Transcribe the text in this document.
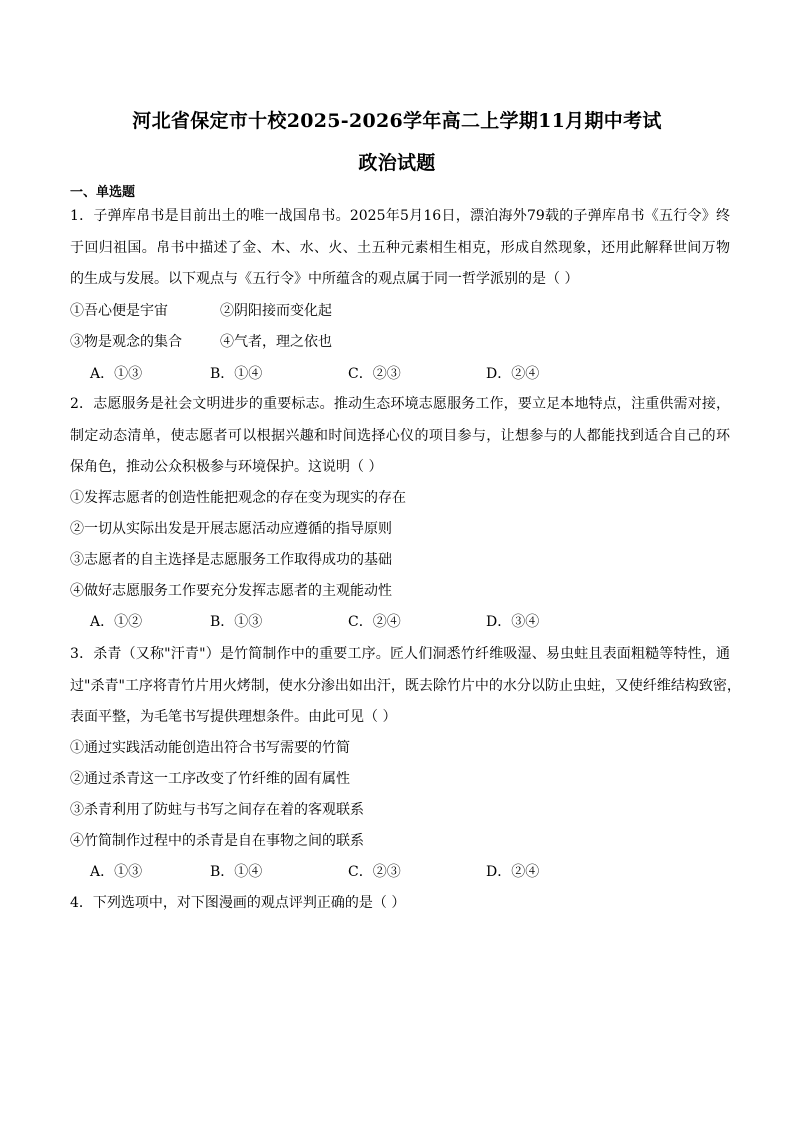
河北省保定市十校2025-2026学年高二上学期11月期中考试
政治试题
一、单选题
1．子弹库帛书是目前出土的唯一战国帛书。2025年5月16日，漂泊海外79载的子弹库帛书《五行令》终
于回归祖国。帛书中描述了金、木、水、火、土五种元素相生相克，形成自然现象，还用此解释世间万物
的生成与发展。以下观点与《五行令》中所蕴含的观点属于同一哲学派别的是（ ）
①吾心便是宇宙	②阴阳接而变化起
③物是观念的集合	④气者，理之依也
A．①③	B．①④	C．②③	D．②④
2．志愿服务是社会文明进步的重要标志。推动生态环境志愿服务工作，要立足本地特点，注重供需对接，
制定动态清单，使志愿者可以根据兴趣和时间选择心仪的项目参与，让想参与的人都能找到适合自己的环
保角色，推动公众积极参与环境保护。这说明（ ）
①发挥志愿者的创造性能把观念的存在变为现实的存在
②一切从实际出发是开展志愿活动应遵循的指导原则
③志愿者的自主选择是志愿服务工作取得成功的基础
④做好志愿服务工作要充分发挥志愿者的主观能动性
A．①②	B．①③	C．②④	D．③④
3．杀青（又称"汗青"）是竹简制作中的重要工序。匠人们洞悉竹纤维吸湿、易虫蛀且表面粗糙等特性，通
过"杀青"工序将青竹片用火烤制，使水分渗出如出汗，既去除竹片中的水分以防止虫蛀，又使纤维结构致密，
表面平整，为毛笔书写提供理想条件。由此可见（ ）
①通过实践活动能创造出符合书写需要的竹简
②通过杀青这一工序改变了竹纤维的固有属性
③杀青利用了防蛀与书写之间存在着的客观联系
④竹简制作过程中的杀青是自在事物之间的联系
A．①③	B．①④	C．②③	D．②④
4．下列选项中，对下图漫画的观点评判正确的是（ ）
